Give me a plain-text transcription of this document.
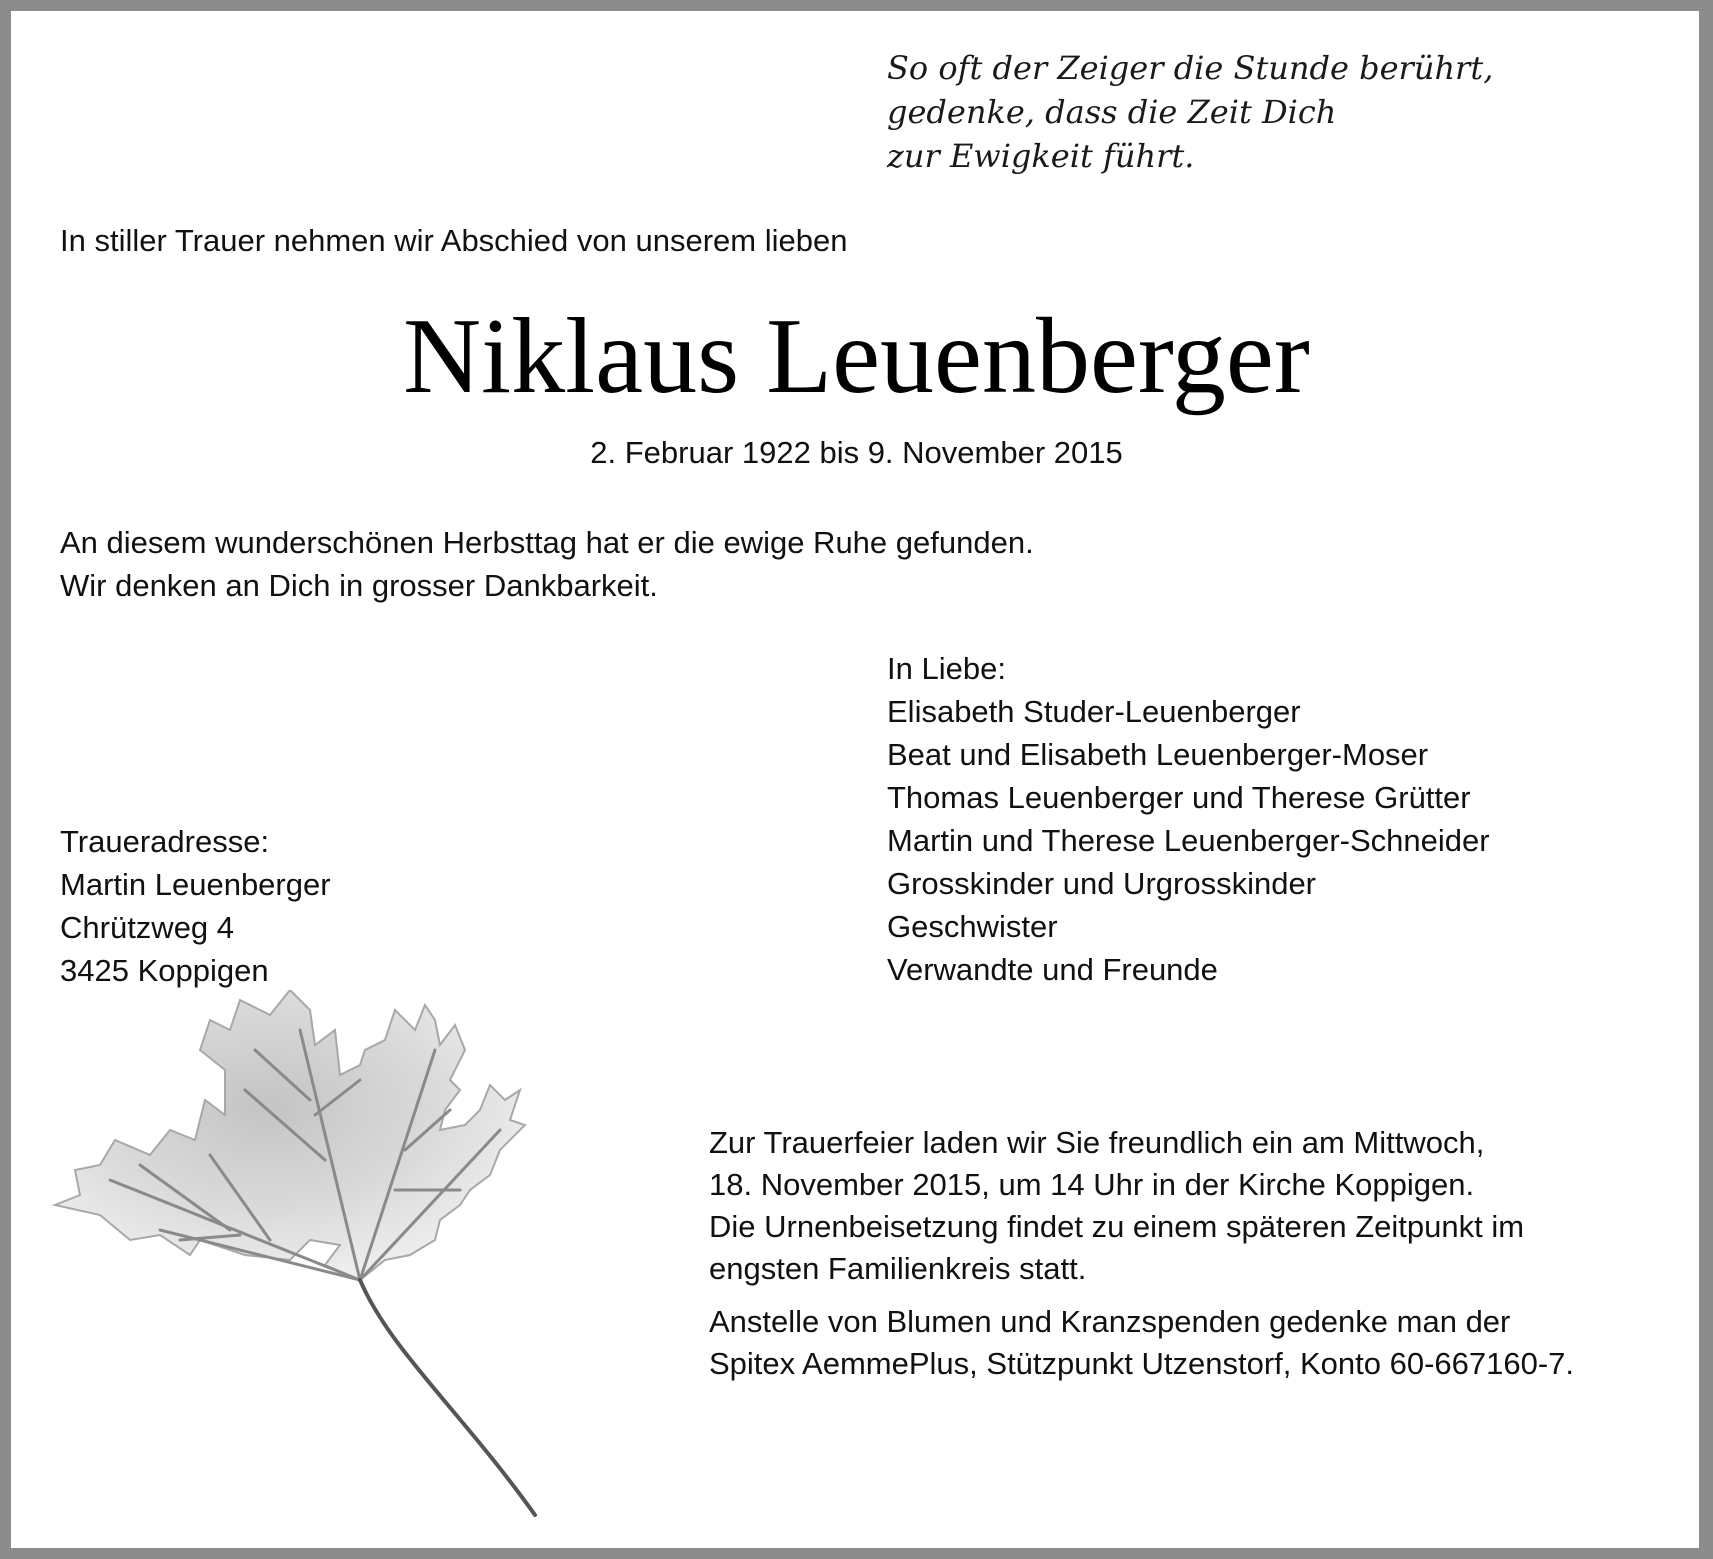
So oft der Zeiger die Stunde berührt,
gedenke, dass die Zeit Dich
zur Ewigkeit führt.
In stiller Trauer nehmen wir Abschied von unserem lieben
Niklaus Leuenberger
2. Februar 1922 bis 9. November 2015
An diesem wunderschönen Herbsttag hat er die ewige Ruhe gefunden.
Wir denken an Dich in grosser Dankbarkeit.
In Liebe:
Elisabeth Studer-Leuenberger
Beat und Elisabeth Leuenberger-Moser
Thomas Leuenberger und Therese Grütter
Martin und Therese Leuenberger-Schneider
Grosskinder und Urgrosskinder
Geschwister
Verwandte und Freunde
Traueradresse:
Martin Leuenberger
Chrützweg 4
3425 Koppigen
Zur Trauerfeier laden wir Sie freundlich ein am Mittwoch,
18. November 2015, um 14 Uhr in der Kirche Koppigen.
Die Urnenbeisetzung findet zu einem späteren Zeitpunkt im
engsten Familienkreis statt.
Anstelle von Blumen und Kranzspenden gedenke man der
Spitex AemmePlus, Stützpunkt Utzenstorf, Konto 60-667160-7.
